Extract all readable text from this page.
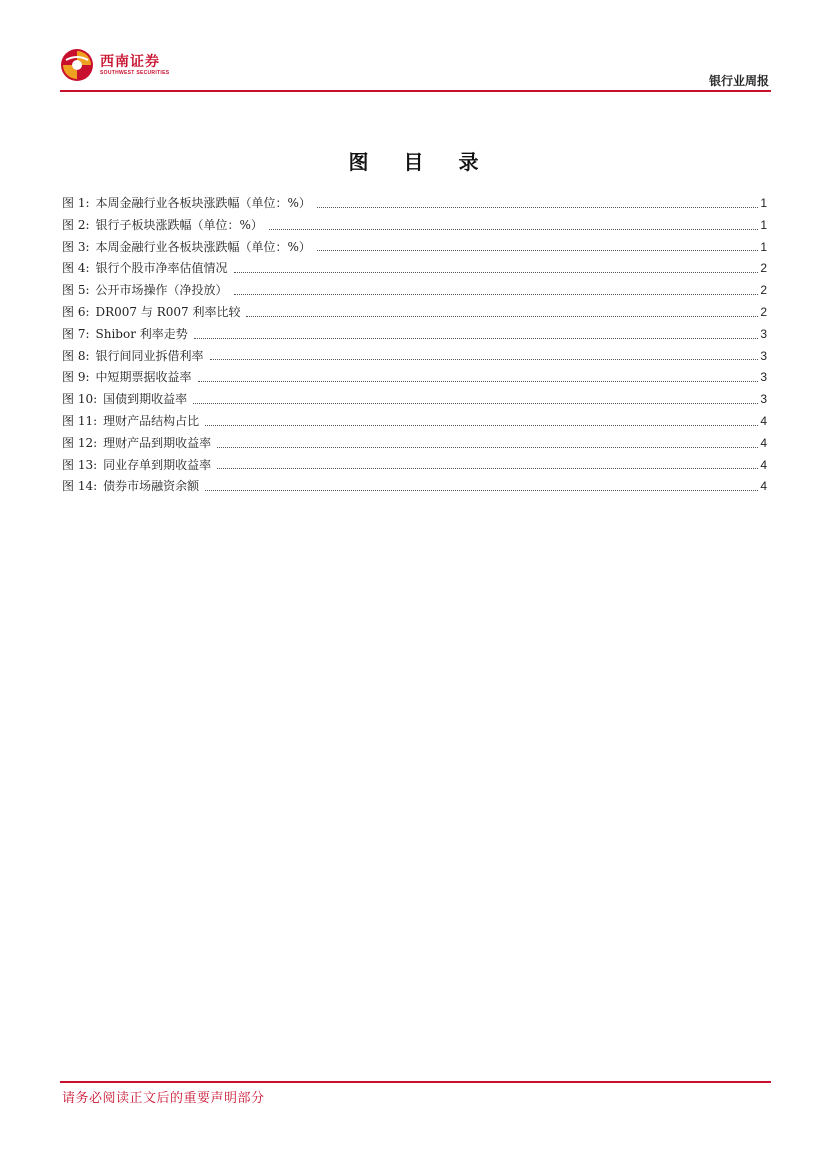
西南证券
SOUTHWEST SECURITIES
银行业周报
图 目 录
图 1: 本周金融行业各板块涨跌幅（单位：%）	1
图 2: 银行子板块涨跌幅（单位：%）	1
图 3: 本周金融行业各板块涨跌幅（单位：%）	1
图 4: 银行个股市净率估值情况	2
图 5: 公开市场操作（净投放）	2
图 6: DR007 与 R007 利率比较	2
图 7: Shibor 利率走势	3
图 8: 银行间同业拆借利率	3
图 9: 中短期票据收益率	3
图 10: 国债到期收益率	3
图 11: 理财产品结构占比	4
图 12: 理财产品到期收益率	4
图 13: 同业存单到期收益率	4
图 14: 债券市场融资余额	4
请务必阅读正文后的重要声明部分
